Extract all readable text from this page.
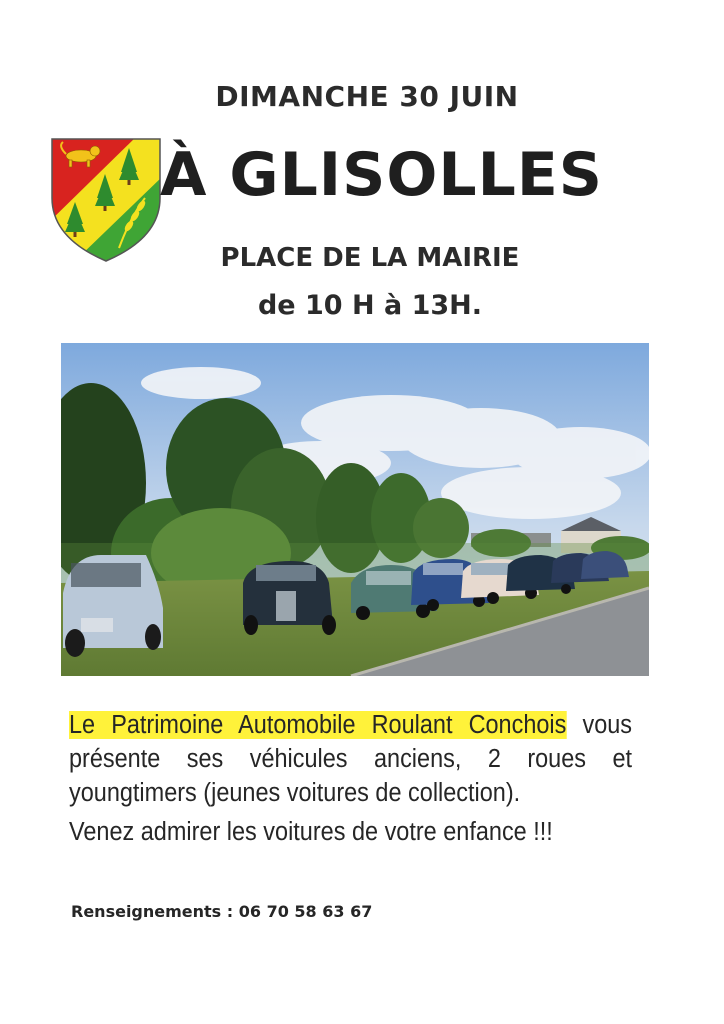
DIMANCHE 30 JUIN
À GLISOLLES
PLACE DE LA MAIRIE
de 10 H à 13H.
Le Patrimoine Automobile Roulant Conchois vous présente ses véhicules anciens, 2 roues et youngtimers (jeunes voitures de collection).
Venez admirer les voitures de votre enfance !!!
Renseignements : 06 70 58 63 67
